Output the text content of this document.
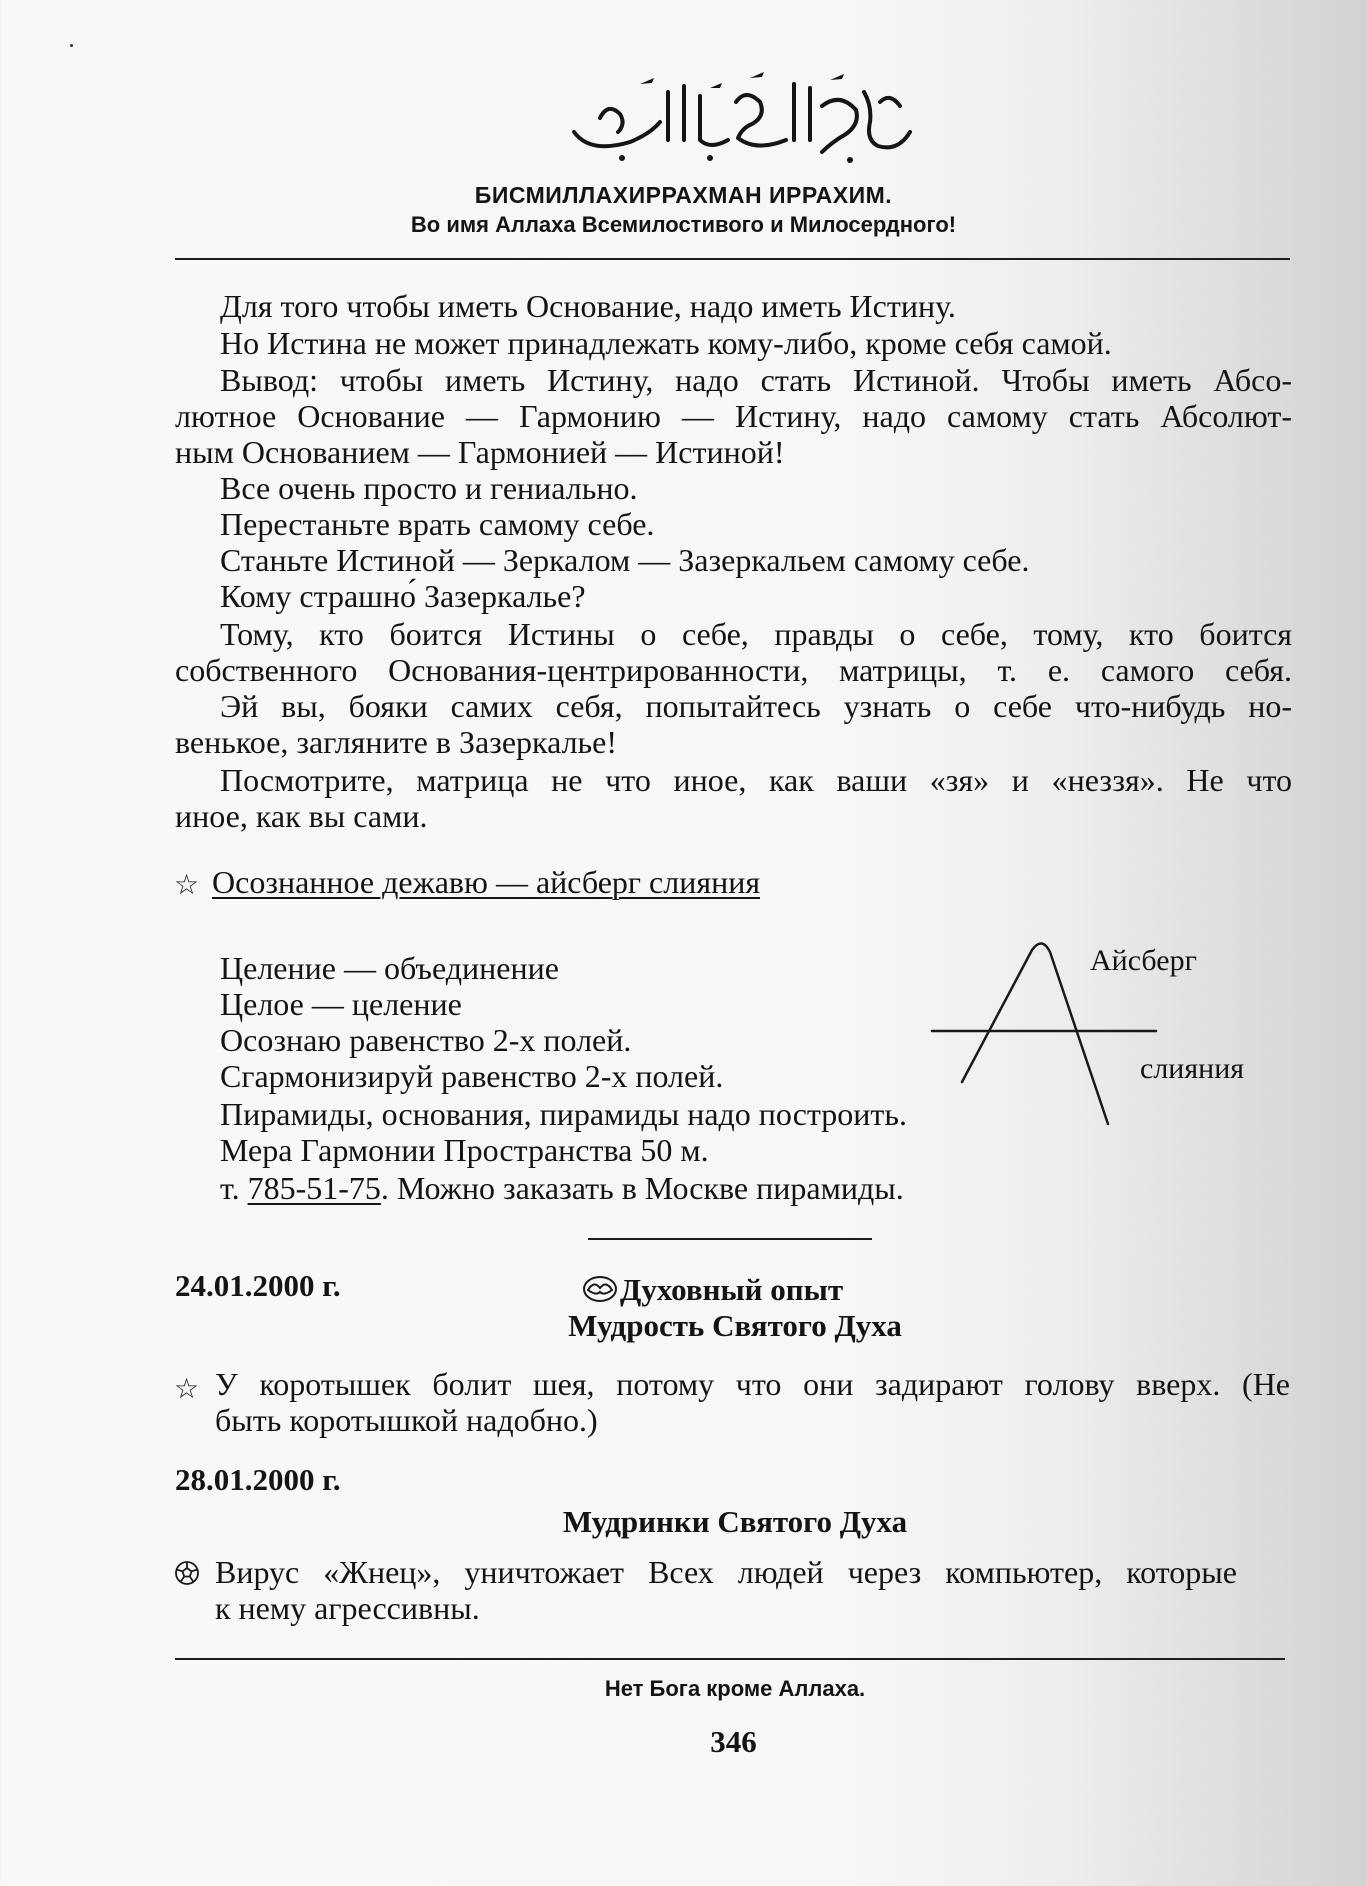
БИСМИЛЛАХИРРАХМАН ИРРАХИМ.
Во имя Аллаха Всемилостивого и Милосердного!
Для того чтобы иметь Основание, надо иметь Истину.
Но Истина не может принадлежать кому-либо, кроме себя самой.
Вывод: чтобы иметь Истину, надо стать Истиной. Чтобы иметь Абсо-
лютное Основание — Гармонию — Истину, надо самому стать Абсолют-
ным Основанием — Гармонией — Истиной!
Все очень просто и гениально.
Перестаньте врать самому себе.
Станьте Истиной — Зеркалом — Зазеркальем самому себе.
Кому страшно́ Зазеркалье?
Тому, кто боится Истины о себе, правды о себе, тому, кто боится
собственного Основания-центрированности, матрицы, т. е. самого себя.
Эй вы, бояки самих себя, попытайтесь узнать о себе что-нибудь но-
венькое, загляните в Зазеркалье!
Посмотрите, матрица не что иное, как ваши «зя» и «неззя». Не что
иное, как вы сами.
☆ Осознанное дежавю — айсберг слияния
Целение — объединение
Целое — целение
Осознаю равенство 2-х полей.
Сгармонизируй равенство 2-х полей.
Пирамиды, основания, пирамиды надо построить.
Мера Гармонии Пространства 50 м.
т. 785-51-75. Можно заказать в Москве пирамиды.
Айсберг
слияния
24.01.2000 г.	Духовный опыт
Мудрость Святого Духа
☆ У коротышек болит шея, потому что они задирают голову вверх. (Не
быть коротышкой надобно.)
28.01.2000 г.
Мудринки Святого Духа
Вирус «Жнец», уничтожает Всех людей через компьютер, которые
к нему агрессивны.
Нет Бога кроме Аллаха.
346
